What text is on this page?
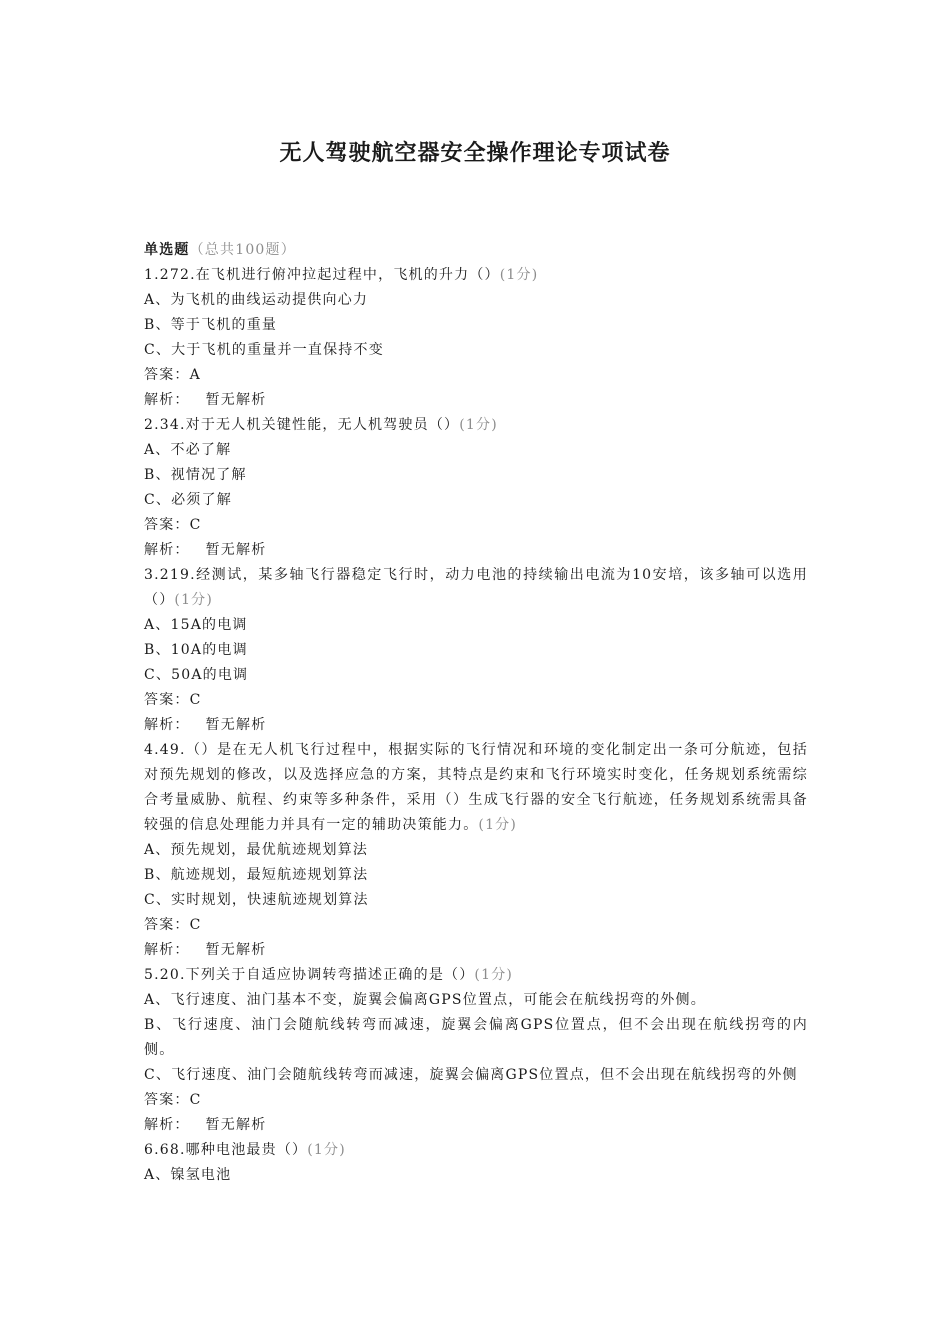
无人驾驶航空器安全操作理论专项试卷

单选题（总共100题）

1.272.在飞机进行俯冲拉起过程中，飞机的升力（）(1分)

A、为飞机的曲线运动提供向心力

B、等于飞机的重量

C、大于飞机的重量并一直保持不变

答案：A

解析： 暂无解析

2.34.对于无人机关键性能，无人机驾驶员（）(1分)

A、不必了解

B、视情况了解

C、必须了解

答案：C

解析： 暂无解析

3.219.经测试，某多轴飞行器稳定飞行时，动力电池的持续输出电流为10安培，该多轴可以选用（）(1分)

A、15A的电调

B、10A的电调

C、50A的电调

答案：C

解析： 暂无解析

4.49.（）是在无人机飞行过程中，根据实际的飞行情况和环境的变化制定出一条可分航迹，包括对预先规划的修改，以及选择应急的方案，其特点是约束和飞行环境实时变化，任务规划系统需综合考量威胁、航程、约束等多种条件，采用（）生成飞行器的安全飞行航迹，任务规划系统需具备较强的信息处理能力并具有一定的辅助决策能力。(1分)

A、预先规划，最优航迹规划算法

B、航迹规划，最短航迹规划算法

C、实时规划，快速航迹规划算法

答案：C

解析： 暂无解析

5.20.下列关于自适应协调转弯描述正确的是（）(1分)

A、飞行速度、油门基本不变，旋翼会偏离GPS位置点，可能会在航线拐弯的外侧。

B、飞行速度、油门会随航线转弯而减速，旋翼会偏离GPS位置点，但不会出现在航线拐弯的内侧。

C、飞行速度、油门会随航线转弯而减速，旋翼会偏离GPS位置点，但不会出现在航线拐弯的外侧

答案：C

解析： 暂无解析

6.68.哪种电池最贵（）(1分)

A、镍氢电池
